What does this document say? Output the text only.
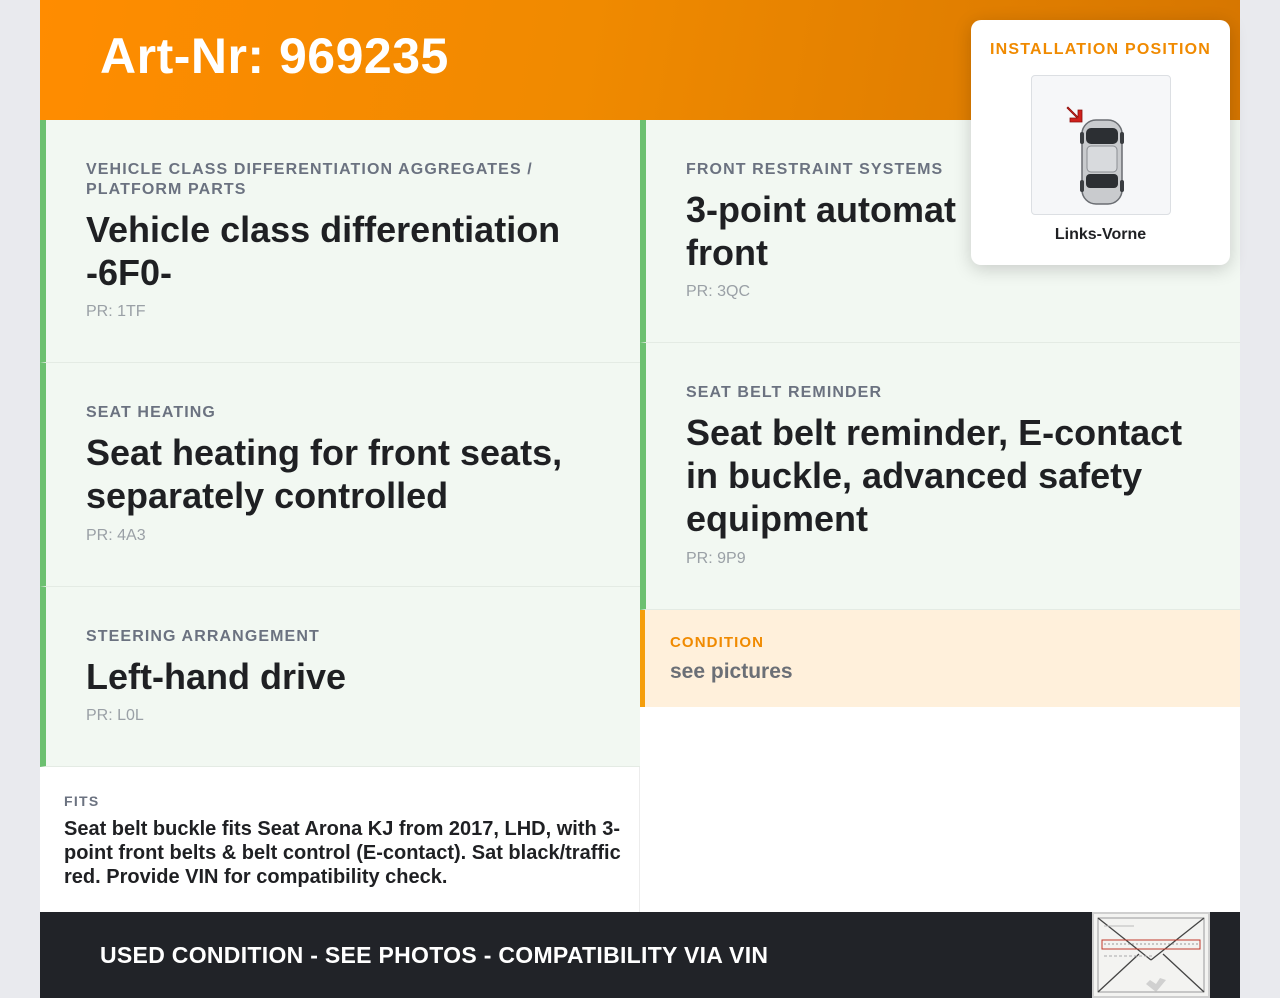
Art-Nr: 969235
VEHICLE CLASS DIFFERENTIATION AGGREGATES / PLATFORM PARTS
Vehicle class differentiation -6F0-
PR: 1TF
SEAT HEATING
Seat heating for front seats, separately controlled
PR: 4A3
STEERING ARRANGEMENT
Left-hand drive
PR: L0L
FRONT RESTRAINT SYSTEMS
3-point automat front
PR: 3QC
SEAT BELT REMINDER
Seat belt reminder, E-contact in buckle, advanced safety equipment
PR: 9P9
CONDITION
see pictures
FITS
Seat belt buckle fits Seat Arona KJ from 2017, LHD, with 3-point front belts & belt control (E-contact). Sat black/traffic red. Provide VIN for compatibility check.
USED CONDITION - SEE PHOTOS - COMPATIBILITY VIA VIN
INSTALLATION POSITION
Links-Vorne
